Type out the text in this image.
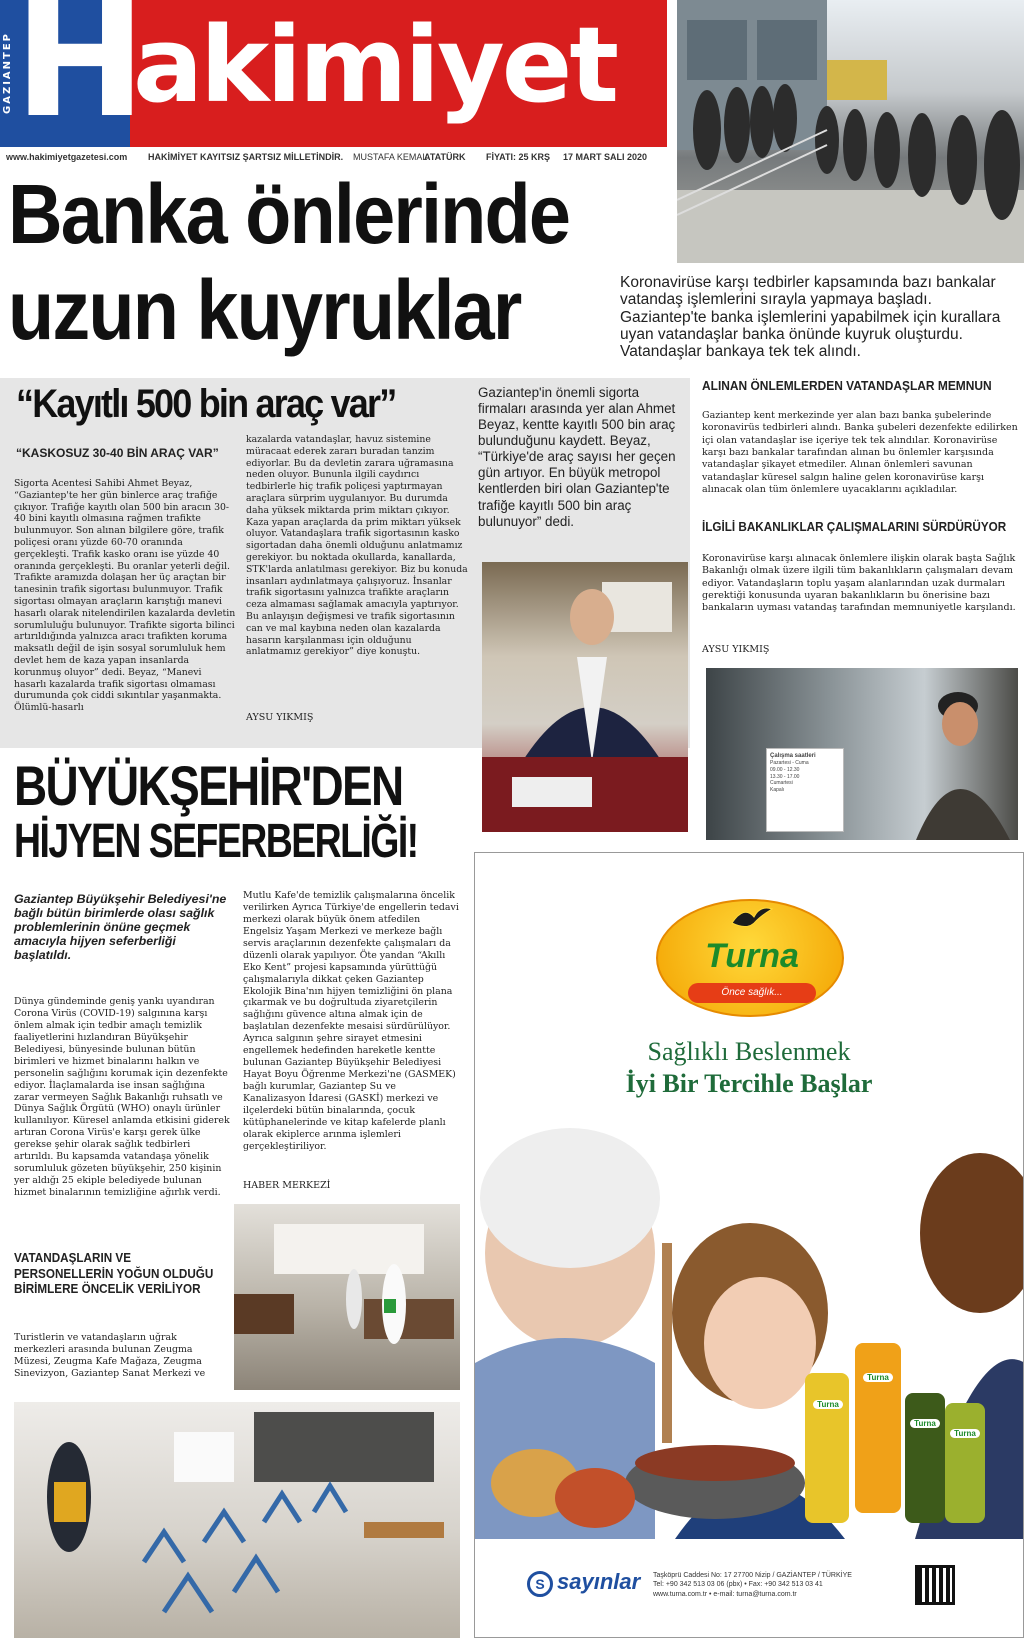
GAZIANTEP H
akimiyet
www.hakimiyetgazetesi.com HAKİMİYET KAYITSIZ ŞARTSIZ MİLLETİNDİR. MUSTAFA KEMAL
ATATÜRK FİYATI: 25 KRŞ 17 MART SALI 2020
Banka önlerinde
uzun kuyruklar	Koronavirüse karşı tedbirler kapsamında bazı bankalar vatandaş işlemlerini sırayla yapmaya başladı. Gaziantep'te banka işlemlerini yapabilmek için kurallara uyan vatandaşlar banka önünde kuyruk oluşturdu. Vatandaşlar bankaya tek tek alındı.
“Kayıtlı 500 bin araç var”
“KASKOSUZ 30-40 BİN ARAÇ VAR”
Sigorta Acentesi Sahibi Ahmet Beyaz, “Gaziantep'te her gün binlerce araç trafiğe çıkıyor. Trafiğe kayıtlı olan 500 bin aracın 30-40 bini kayıtlı olmasına rağmen trafikte bulunmuyor. Son alınan bilgilere göre, trafik poliçesi oranı yüzde 60-70 oranında gerçekleşti. Trafik kasko oranı ise yüzde 40 oranında gerçekleşti. Bu oranlar yeterli değil. Trafikte aramızda dolaşan her üç araçtan bir tanesinin trafik sigortası bulunmuyor. Trafik sigortası olmayan araçların karıştığı manevi hasarlı olarak nitelendirilen kazalarda devletin sorumluluğu bulunuyor. Trafikte sigorta bilinci artırıldığında yalnızca aracı trafikten koruma maksatlı değil de işin sosyal sorumluluk hem devlet hem de kaza yapan insanlarda korunmuş oluyor” dedi. Beyaz, “Manevi hasarlı kazalarda trafik sigortası olmaması durumunda çok ciddi sıkıntılar yaşanmakta. Ölümlü-hasarlı
kazalarda vatandaşlar, havuz sistemine müracaat ederek zararı buradan tanzim ediyorlar. Bu da devletin zarara uğramasına neden oluyor. Bununla ilgili caydırıcı tedbirlerle hiç trafik poliçesi yaptırmayan araçlara sürprim uygulanıyor. Bu durumda daha yüksek miktarda prim miktarı çıkıyor. Kaza yapan araçlarda da prim miktarı yüksek oluyor. Vatandaşlara trafik sigortasının kasko sigortadan daha önemli olduğunu anlatmamız gerekiyor. bu noktada okullarda, kanallarda, STK'larda anlatılması gerekiyor. Biz bu konuda insanları aydınlatmaya çalışıyoruz. İnsanlar trafik sigortasını yalnızca trafikte araçların ceza almaması sağlamak amacıyla yaptırıyor. Bu anlayışın değişmesi ve trafik sigortasının can ve mal kaybına neden olan kazalarda hasarın karşılanması için olduğunu anlatmamız gerekiyor” diye konuştu.
AYSU YIKMIŞ
Gaziantep'in önemli sigorta firmaları arasında yer alan Ahmet Beyaz, kentte kayıtlı 500 bin araç bulunduğunu kaydett. Beyaz, “Türkiye'de araç sayısı her geçen gün artıyor. En büyük metropol kentlerden biri olan Gaziantep'te trafiğe kayıtlı 500 bin araç bulunuyor” dedi.
ALINAN ÖNLEMLERDEN VATANDAŞLAR MEMNUN
Gaziantep kent merkezinde yer alan bazı banka şubelerinde koronavirüs tedbirleri alındı. Banka şubeleri dezenfekte edilirken içi olan vatandaşlar ise içeriye tek tek alındılar. Koronavirüse karşı bazı bankalar tarafından alınan bu önlemler karşısında vatandaşlar şikayet etmediler. Alınan önlemleri savunan vatandaşlar küresel salgın haline gelen koronavirüse karşı alınacak olan tüm önlemlere uyacaklarını açıkladılar.
İLGİLİ BAKANLIKLAR ÇALIŞMALARINI SÜRDÜRÜYOR
Koronavirüse karşı alınacak önlemlere ilişkin olarak başta Sağlık Bakanlığı olmak üzere ilgili tüm bakanlıkların çalışmaları devam ediyor. Vatandaşların toplu yaşam alanlarından uzak durmaları gerektiği konusunda uyaran bakanlıkların bu önerisine bazı bankaların uyması vatandaş tarafından memnuniyetle karşılandı.
AYSU YIKMIŞ
Çalışma saatleri
Pazartesi - Cuma
09.00 - 12.30
13.30 - 17.00
Cumartesi
Kapalı
BÜYÜKŞEHİR'DEN
HİJYEN SEFERBERLİĞİ!
Gaziantep Büyükşehir Belediyesi'ne bağlı bütün birimlerde olası sağlık problemlerinin önüne geçmek amacıyla hijyen seferberliği başlatıldı.
Dünya gündeminde geniş yankı uyandıran Corona Virüs (COVID-19) salgınına karşı önlem almak için tedbir amaçlı temizlik faaliyetlerini hızlandıran Büyükşehir Belediyesi, bünyesinde bulunan bütün birimleri ve hizmet binalarını halkın ve personelin sağlığını korumak için dezenfekte ediyor. İlaçlamalarda ise insan sağlığına zarar vermeyen Sağlık Bakanlığı ruhsatlı ve Dünya Sağlık Örgütü (WHO) onaylı ürünler kullanılıyor. Küresel anlamda etkisini giderek artıran Corona Virüs'e karşı gerek ülke gerekse şehir olarak sağlık tedbirleri artırıldı. Bu kapsamda vatandaşa yönelik sorumluluk gözeten büyükşehir, 250 kişinin yer aldığı 25 ekiple belediyede bulunan hizmet binalarının temizliğine ağırlık verdi.
VATANDAŞLARIN VE PERSONELLERİN YOĞUN OLDUĞU BİRİMLERE ÖNCELİK VERİLİYOR
Turistlerin ve vatandaşların uğrak merkezleri arasında bulunan Zeugma Müzesi, Zeugma Kafe Mağaza, Zeugma Sinevizyon, Gaziantep Sanat Merkezi ve
Mutlu Kafe'de temizlik çalışmalarına öncelik verilirken Ayrıca Türkiye'de engellerin tedavi merkezi olarak büyük önem atfedilen Engelsiz Yaşam Merkezi ve merkeze bağlı servis araçlarının dezenfekte çalışmaları da düzenli olarak yapılıyor. Öte yandan “Akıllı Eko Kent” projesi kapsamında yürüttüğü çalışmalarıyla dikkat çeken Gaziantep Ekolojik Bina'nın hijyen temizliğini ön plana çıkarmak ve bu doğrultuda ziyaretçilerin sağlığını güvence altına almak için de başlatılan dezenfekte mesaisi sürdürülüyor. Ayrıca salgının şehre sirayet etmesini engellemek hedefinden hareketle kentte bulunan Gaziantep Büyükşehir Belediyesi Hayat Boyu Öğrenme Merkezi'ne (GASMEK) bağlı kurumlar, Gaziantep Su ve Kanalizasyon İdaresi (GASKİ) merkezi ve ilçelerdeki bütün binalarında, çocuk kütüphanelerinde ve kitap kafelerde planlı olarak ekiplerce arınma işlemleri gerçekleştiriliyor.
HABER MERKEZİ
Turna
Önce sağlık...
Sağlıklı Beslenmek
İyi Bir Tercihle Başlar
Turna
Turna
Turna
Turna
S sayınlar Taşköprü Caddesi No: 17 27700 Nizip / GAZİANTEP / TÜRKİYE
Tel: +90 342 513 03 06 (pbx) • Fax: +90 342 513 03 41
www.turna.com.tr • e-mail: turna@turna.com.tr
